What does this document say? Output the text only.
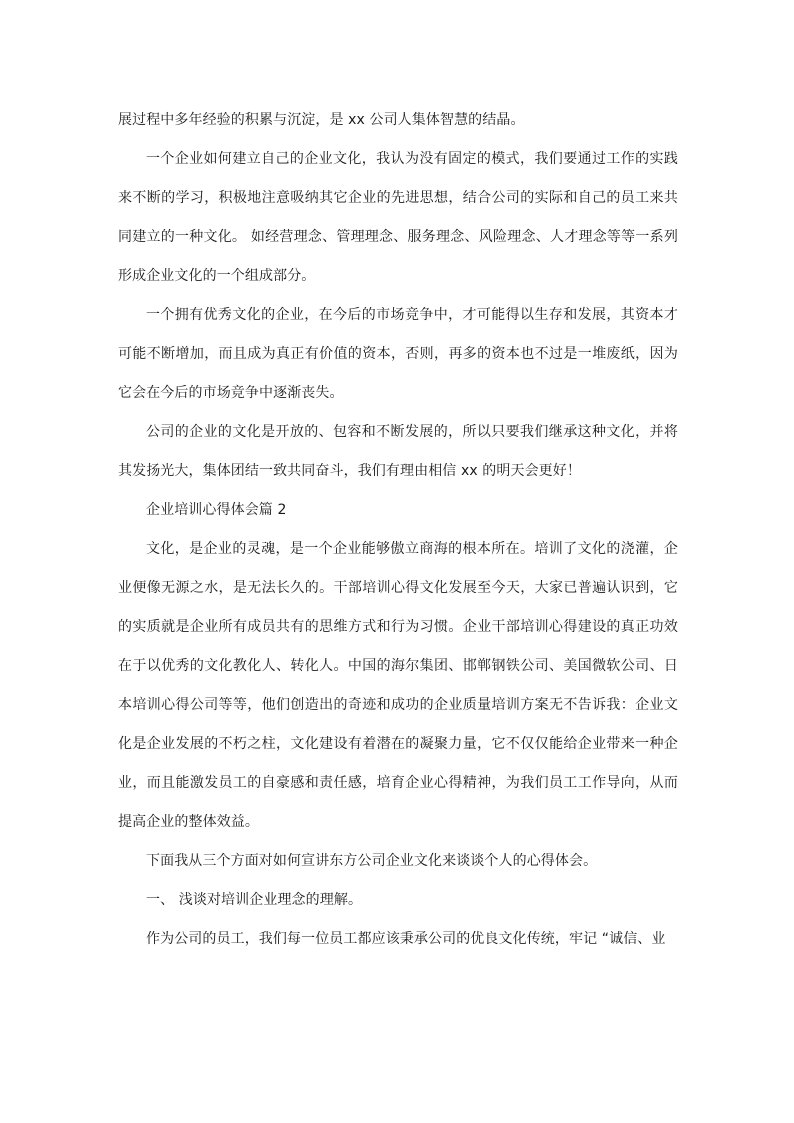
展过程中多年经验的积累与沉淀，是 xx 公司人集体智慧的结晶。

一个企业如何建立自己的企业文化，我认为没有固定的模式，我们要通过工作的实践来不断的学习，积极地注意吸纳其它企业的先进思想，结合公司的实际和自己的员工来共同建立的一种文化。 如经营理念、管理理念、服务理念、风险理念、人才理念等等一系列形成企业文化的一个组成部分。

一个拥有优秀文化的企业，在今后的市场竞争中，才可能得以生存和发展，其资本才可能不断增加，而且成为真正有价值的资本，否则，再多的资本也不过是一堆废纸，因为它会在今后的市场竞争中逐渐丧失。

公司的企业的文化是开放的、包容和不断发展的，所以只要我们继承这种文化，并将其发扬光大，集体团结一致共同奋斗，我们有理由相信 xx 的明天会更好！

企业培训心得体会篇 2

文化，是企业的灵魂，是一个企业能够傲立商海的根本所在。培训了文化的浇灌，企业便像无源之水，是无法长久的。干部培训心得文化发展至今天，大家已普遍认识到，它的实质就是企业所有成员共有的思维方式和行为习惯。企业干部培训心得建设的真正功效在于以优秀的文化教化人、转化人。中国的海尔集团、邯郸钢铁公司、美国微软公司、日本培训心得公司等等，他们创造出的奇迹和成功的企业质量培训方案无不告诉我：企业文化是企业发展的不朽之柱，文化建设有着潜在的凝聚力量，它不仅仅能给企业带来一种企业，而且能激发员工的自豪感和责任感，培育企业心得精神，为我们员工工作导向，从而提高企业的整体效益。

下面我从三个方面对如何宣讲东方公司企业文化来谈谈个人的心得体会。

一、 浅谈对培训企业理念的理解。

作为公司的员工，我们每一位员工都应该秉承公司的优良文化传统，牢记 “诚信、业
